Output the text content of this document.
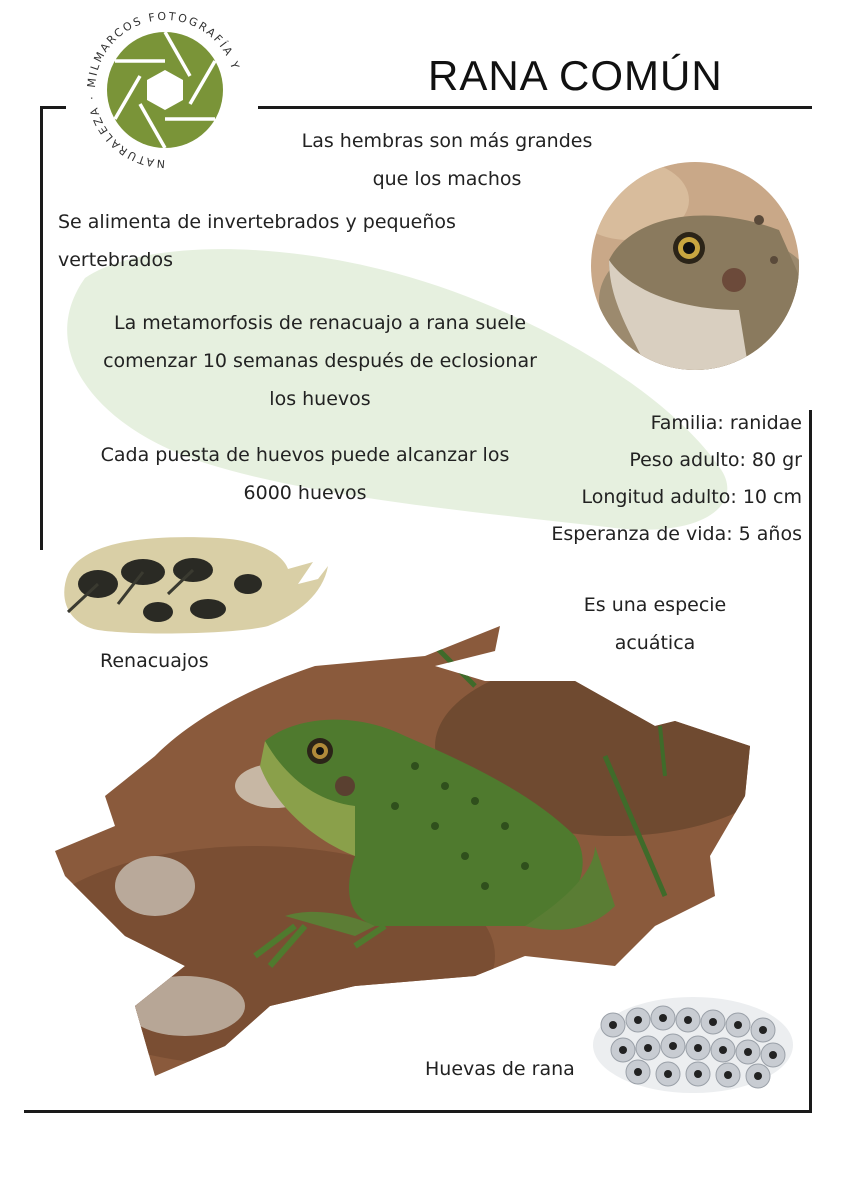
NATURALEZA · MILMARCOS FOTOGRAFÍA Y	RANA COMÚN
Las hembras son más grandes
que los machos
Se alimenta de invertebrados y pequeños
vertebrados
La metamorfosis de renacuajo a rana suele
comenzar 10 semanas después de eclosionar
los huevos
Cada puesta de huevos puede alcanzar los
6000 huevos
Es una especie
acuática
Familia: ranidae
Peso adulto: 80 gr
Longitud adulto: 10 cm
Esperanza de vida: 5 años
Renacuajos
Huevas de rana
